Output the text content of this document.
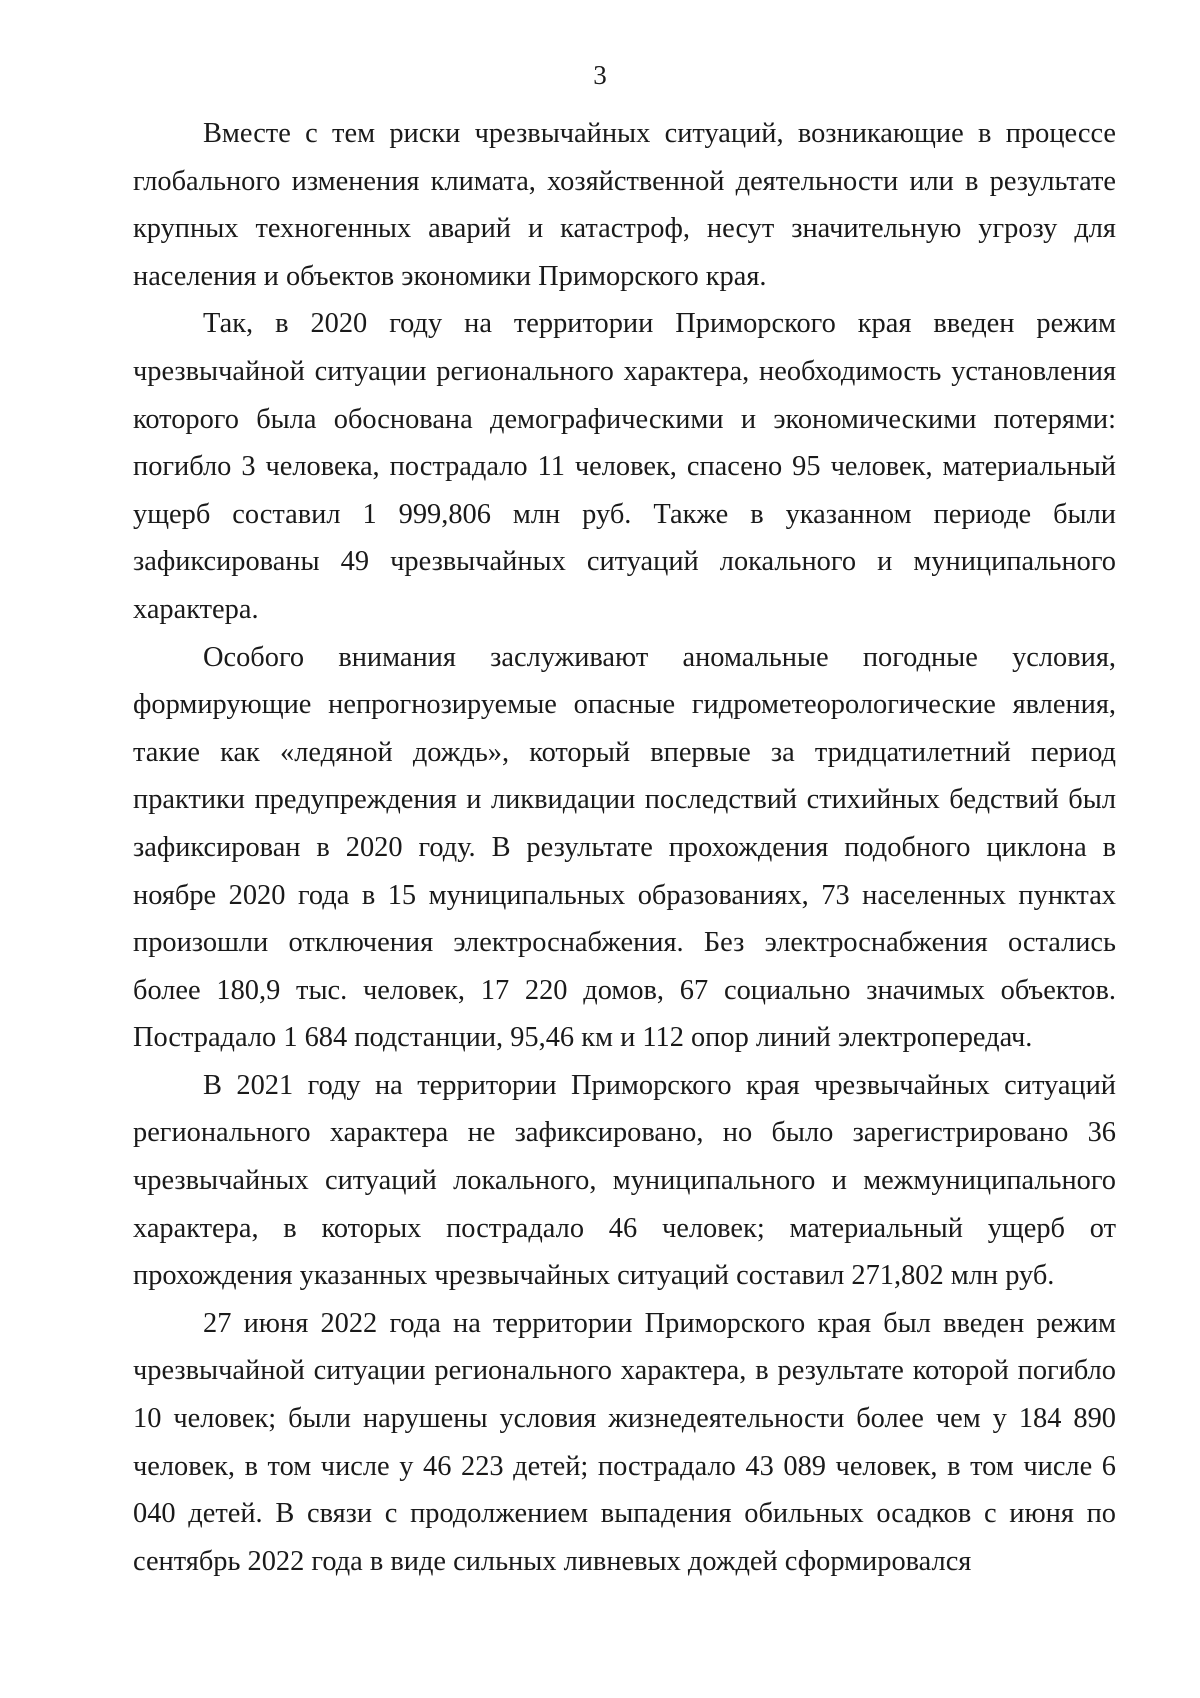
3

Вместе с тем риски чрезвычайных ситуаций, возникающие в процессе глобального изменения климата, хозяйственной деятельности или в результате крупных техногенных аварий и катастроф, несут значительную угрозу для населения и объектов экономики Приморского края.

Так, в 2020 году на территории Приморского края введен режим чрезвычайной ситуации регионального характера, необходимость установления которого была обоснована демографическими и экономическими потерями: погибло 3 человека, пострадало 11 человек, спасено 95 человек, материальный ущерб составил 1 999,806 млн руб. Также в указанном периоде были зафиксированы 49 чрезвычайных ситуаций локального и муниципального характера.

Особого внимания заслуживают аномальные погодные условия, формирующие непрогнозируемые опасные гидрометеорологические явления, такие как «ледяной дождь», который впервые за тридцатилетний период практики предупреждения и ликвидации последствий стихийных бедствий был зафиксирован в 2020 году. В результате прохождения подобного циклона в ноябре 2020 года в 15 муниципальных образованиях, 73 населенных пунктах произошли отключения электроснабжения. Без электроснабжения остались более 180,9 тыс. человек, 17 220 домов, 67 социально значимых объектов. Пострадало 1 684 подстанции, 95,46 км и 112 опор линий электропередач.

В 2021 году на территории Приморского края чрезвычайных ситуаций регионального характера не зафиксировано, но было зарегистрировано 36 чрезвычайных ситуаций локального, муниципального и межмуниципального характера, в которых пострадало 46 человек; материальный ущерб от прохождения указанных чрезвычайных ситуаций составил 271,802 млн руб.

27 июня 2022 года на территории Приморского края был введен режим чрезвычайной ситуации регионального характера, в результате которой погибло 10 человек; были нарушены условия жизнедеятельности более чем у 184 890 человек, в том числе у 46 223 детей; пострадало 43 089 человек, в том числе 6 040 детей. В связи с продолжением выпадения обильных осадков с июня по сентябрь 2022 года в виде сильных ливневых дождей сформировался
